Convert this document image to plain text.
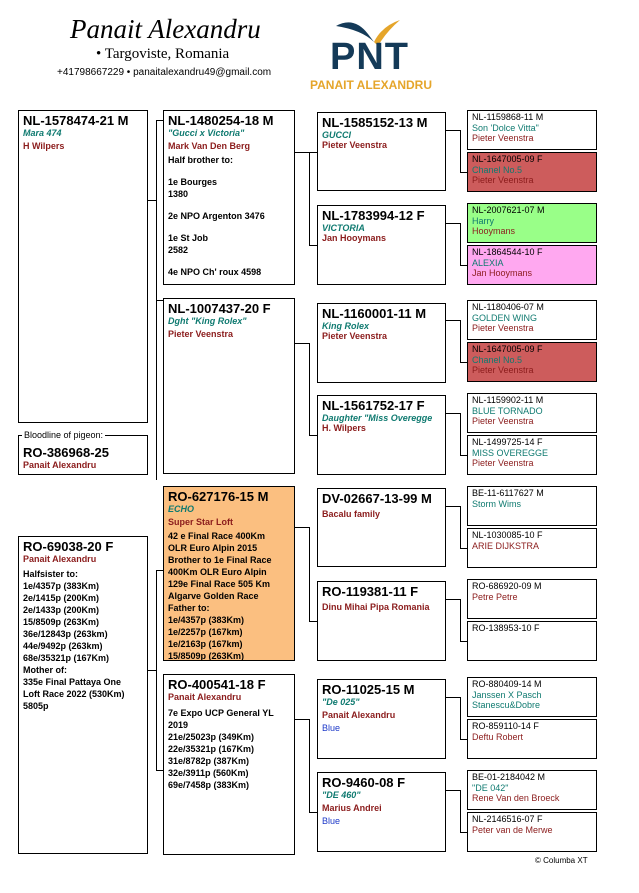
Panait Alexandru
• Targoviste, Romania
+41798667229 • panaitalexandru49@gmail.com PNT
PANAIT ALEXANDRU
NL-1578474-21 M
Mara 474
H Wilpers
Bloodline of pigeon:
RO-386968-25
Panait Alexandru
RO-69038-20 F
Panait Alexandru
Halfsister to:
1e/4357p (383Km)
2e/1415p (200Km)
2e/1433p (200Km)
15/8509p (263Km)
36e/12843p (263km)
44e/9492p (263km)
68e/35321p (167Km)
Mother of:
335e Final Pattaya One
Loft Race 2022 (530Km)
5805p
NL-1480254-18 M
"Gucci x Victoria"
Mark Van Den Berg
Half brother to:
1e Bourges
1380
2e NPO Argenton 3476
1e St Job
2582
4e NPO Ch' roux 4598
NL-1007437-20 F
Dght "King Rolex"
Pieter Veenstra
RO-627176-15 M
ECHO
Super Star Loft
42 e Final Race 400Km
OLR Euro Alpin 2015
Brother to 1e Final Race
400Km OLR Euro Alpin
129e Final Race 505 Km
Algarve Golden Race
Father to:
1e/4357p (383Km)
1e/2257p (167km)
1e/2163p (167km)
15/8509p (263Km)
RO-400541-18 F
Panait Alexandru
7e Expo UCP General YL
2019
21e/25023p (349Km)
22e/35321p (167Km)
31e/8782p (387Km)
32e/3911p (560Km)
69e/7458p (383Km)
NL-1585152-13 M
GUCCI
Pieter Veenstra
NL-1783994-12 F
VICTORIA
Jan Hooymans
NL-1160001-11 M
King Rolex
Pieter Veenstra
NL-1561752-17 F
Daughter "Miss Overegge
H. Wilpers
DV-02667-13-99 M
Bacalu family
RO-119381-11 F
Dinu Mihai Pipa Romania
RO-11025-15 M
"De 025"
Panait Alexandru
Blue
RO-9460-08 F
"DE 460"
Marius Andrei
Blue
NL-1159868-11 M
Son 'Dolce Vitta"
Pieter Veenstra
NL-1647005-09 F
Chanel No.5
Pieter Veenstra
NL-2007621-07 M
Harry
Hooymans
NL-1864544-10 F
ALEXIA
Jan Hooymans
NL-1180406-07 M
GOLDEN WING
Pieter Veenstra
NL-1647005-09 F
Chanel No.5
Pieter Veenstra
NL-1159902-11 M
BLUE TORNADO
Pieter Veenstra
NL-1499725-14 F
MISS OVEREGGE
Pieter Veenstra
BE-11-6117627 M
Storm Wims
NL-1030085-10 F
ARIE DIJKSTRA
RO-686920-09 M
Petre Petre
RO-138953-10 F
RO-880409-14 M
Janssen X Pasch
Stanescu&Dobre
RO-859110-14 F
Deftu Robert
BE-01-2184042 M
"DE 042"
Rene Van den Broeck
NL-2146516-07 F
Peter van de Merwe
© Columba XT
